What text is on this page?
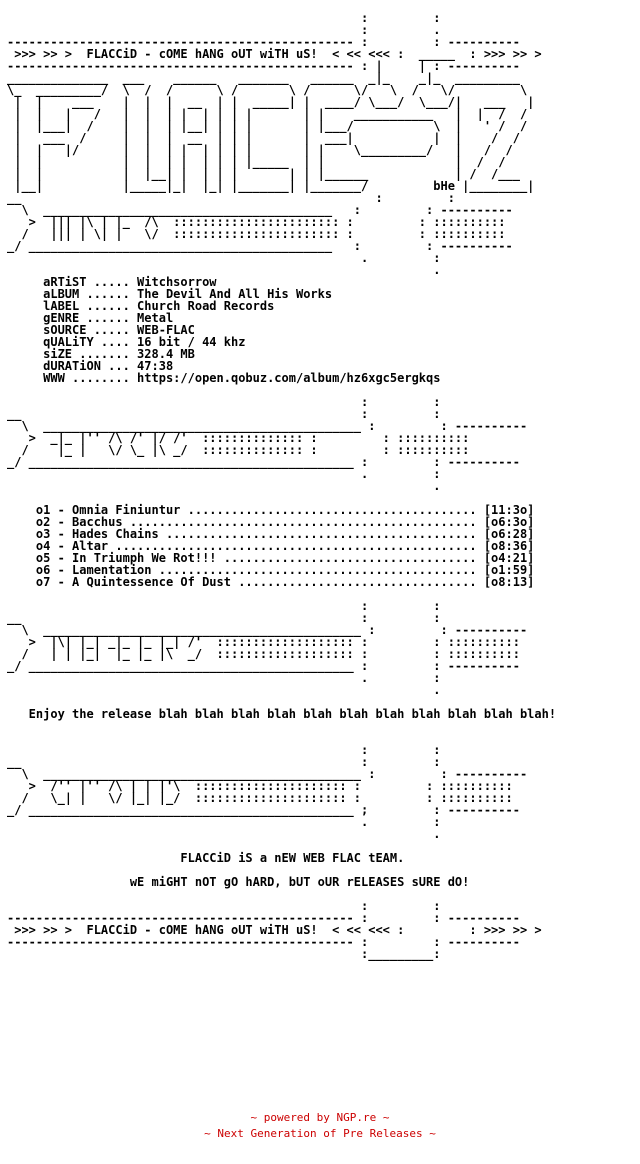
:         :
:         .
------------------------------------------------ :         : ----------
>>> >> >  FLACCiD - cOME hANG oUT wiTH uS!  < << <<< :  _____  : >>> >> >
------------------------------------------------ : |     | : ----------
______________  ___    ______   _______   ______  _|_    _|_  _________
\_  _________/  \  /  /      \ /       \ /      \/   \  /   \/         \
|  |    ___    |  |  |  __  | |  _____| |  ____/ \___/  \___/|   ___   |
|  |   |   /   |  |  | |  | | | |       | |    ___________   |  |  /  /
|  |___|  /    |  |  | |__| | | |       | |___/           \  |   ' /  /
|   ___  /     |  |  |  __  | | |       |  ___|           |  |    /  /
|  |   |/      |  |  | |  | | | |       | |    \_________/   |   /  /
|  |           |  |  | |  | | | |_____  | |                  |  /  /
|  |           |  |__| |  | | |       | | |______            | /  /___
|__|           |_____|_|  |_| |_______| |_______/         bHe |________|
__                                                 :         :
\  ________________________________________   :         : ----------
>  ||| |\ | |_  /\  ::::::::::::::::::::::: :         : ::::::::::
/   ||| | \| |   \/  ::::::::::::::::::::::: :         : ::::::::::
_/ __________________________________________   :         : ----------
.         :
.
aRTiST ..... Witchsorrow
aLBUM ...... The Devil And All His Works
lABEL ...... Church Road Records
gENRE ...... Metal
sOURCE ..... WEB-FLAC
qUALiTY .... 16 bit / 44 khz
siZE ....... 328.4 MB
dURATiON ... 47:38
WWW ........ https://open.qobuz.com/album/hz6xgc5ergkqs

:         :
__                                               :         :
\  ____________________________________________ :         : ----------
>  _|_ |'' /\ /' |/ /'  :::::::::::::: :         : ::::::::::
/    |_ |   \/ \_ |\ _/  :::::::::::::: :         : ::::::::::
_/ _____________________________________________ :         : ----------
.         :
.

o1 - Omnia Finiuntur ........................................ [11:3o]
o2 - Bacchus ................................................ [o6:3o]
o3 - Hades Chains ........................................... [o6:28]
o4 - Altar .................................................. [o8:36]
o5 - In Triumph We Rot!!! ................................... [o4:21]
o6 - Lamentation ............................................ [o1:59]
o7 - A Quintessence Of Dust ................................. [o8:13]

:         :
__                                               :         :
\  ____________________________________________ :         : ----------
>  |\| |_| _|_ |_ |_| /'  ::::::::::::::::::: :         : ::::::::::
/   | | |_|  |_ |_ |\  _/  ::::::::::::::::::: :         : ::::::::::
_/ _____________________________________________ :         : ----------
.         :
.

Enjoy the release blah blah blah blah blah blah blah blah blah blah blah!

:         :
__                                               :         :
\  ____________________________________________ :         : ----------
>  /'' |'' /\ | | |'\  ::::::::::::::::::::: :         : ::::::::::
/   \_| |   \/ |_| |_/  ::::::::::::::::::::: :         : ::::::::::
_/ _____________________________________________ ;         : ----------
.         :
.

FLACCiD iS a nEW WEB FLAC tEAM.

wE miGHT nOT gO hARD, bUT oUR rELEASES sURE dO!

:         :
------------------------------------------------ :         : ----------
>>> >> >  FLACCiD - cOME hANG oUT wiTH uS!  < << <<< :         : >>> >> >
------------------------------------------------ :         : ----------
:_________:

~ powered by NGP.re ~
~ Next Generation of Pre Releases ~
